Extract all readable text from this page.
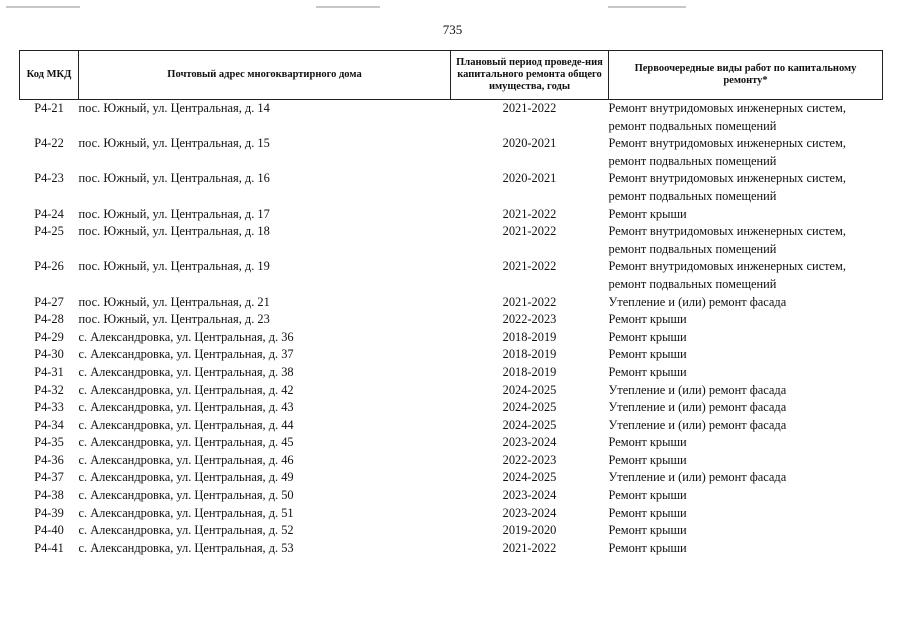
735
Код МКД	Почтовый адрес многоквартирного дома	Плановый период проведе-ния капитального ремонта общего имущества, годы	Первоочередные виды работ по капитальному ремонту*
Р4-21	пос. Южный, ул. Центральная, д. 14	2021-2022	Ремонт внутридомовых инженерных систем,
ремонт подвальных помещений

Р4-22	пос. Южный, ул. Центральная, д. 15	2020-2021	Ремонт внутридомовых инженерных систем,
ремонт подвальных помещений

Р4-23	пос. Южный, ул. Центральная, д. 16	2020-2021	Ремонт внутридомовых инженерных систем,
ремонт подвальных помещений

Р4-24	пос. Южный, ул. Центральная, д. 17	2021-2022	Ремонт крыши

Р4-25	пос. Южный, ул. Центральная, д. 18	2021-2022	Ремонт внутридомовых инженерных систем,
ремонт подвальных помещений

Р4-26	пос. Южный, ул. Центральная, д. 19	2021-2022	Ремонт внутридомовых инженерных систем,
ремонт подвальных помещений

Р4-27	пос. Южный, ул. Центральная, д. 21	2021-2022	Утепление и (или) ремонт фасада

Р4-28	пос. Южный, ул. Центральная, д. 23	2022-2023	Ремонт крыши

Р4-29	с. Александровка, ул. Центральная, д. 36	2018-2019	Ремонт крыши

Р4-30	с. Александровка, ул. Центральная, д. 37	2018-2019	Ремонт крыши

Р4-31	с. Александровка, ул. Центральная, д. 38	2018-2019	Ремонт крыши

Р4-32	с. Александровка, ул. Центральная, д. 42	2024-2025	Утепление и (или) ремонт фасада

Р4-33	с. Александровка, ул. Центральная, д. 43	2024-2025	Утепление и (или) ремонт фасада

Р4-34	с. Александровка, ул. Центральная, д. 44	2024-2025	Утепление и (или) ремонт фасада

Р4-35	с. Александровка, ул. Центральная, д. 45	2023-2024	Ремонт крыши

Р4-36	с. Александровка, ул. Центральная, д. 46	2022-2023	Ремонт крыши

Р4-37	с. Александровка, ул. Центральная, д. 49	2024-2025	Утепление и (или) ремонт фасада

Р4-38	с. Александровка, ул. Центральная, д. 50	2023-2024	Ремонт крыши

Р4-39	с. Александровка, ул. Центральная, д. 51	2023-2024	Ремонт крыши

Р4-40	с. Александровка, ул. Центральная, д. 52	2019-2020	Ремонт крыши

Р4-41	с. Александровка, ул. Центральная, д. 53	2021-2022	Ремонт крыши
